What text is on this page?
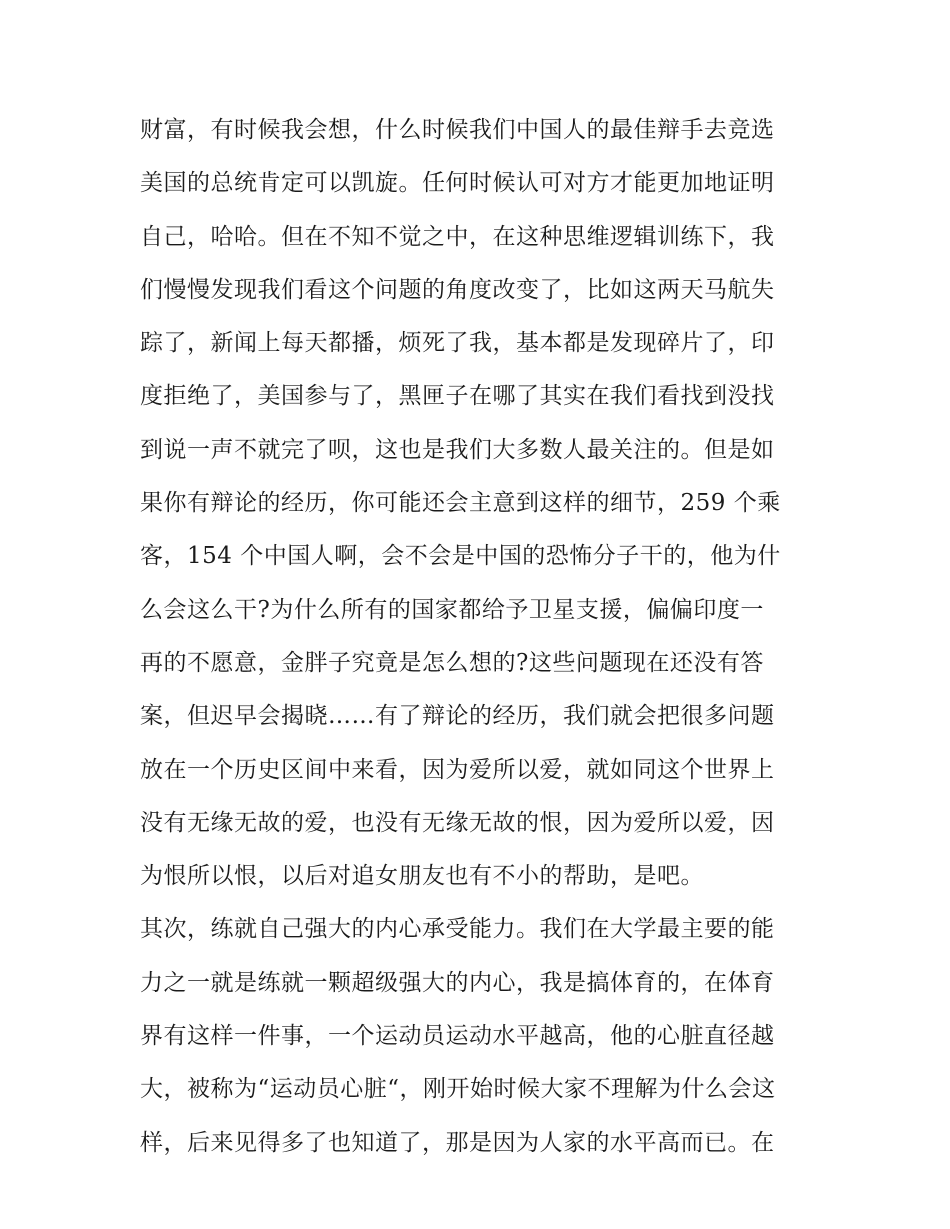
财富，有时候我会想，什么时候我们中国人的最佳辩手去竞选
美国的总统肯定可以凯旋。任何时候认可对方才能更加地证明
自己，哈哈。但在不知不觉之中，在这种思维逻辑训练下，我
们慢慢发现我们看这个问题的角度改变了，比如这两天马航失
踪了，新闻上每天都播，烦死了我，基本都是发现碎片了，印
度拒绝了，美国参与了，黑匣子在哪了其实在我们看找到没找
到说一声不就完了呗，这也是我们大多数人最关注的。但是如
果你有辩论的经历，你可能还会主意到这样的细节，259 个乘
客，154 个中国人啊，会不会是中国的恐怖分子干的，他为什
么会这么干?为什么所有的国家都给予卫星支援，偏偏印度一
再的不愿意，金胖子究竟是怎么想的?这些问题现在还没有答
案，但迟早会揭晓……有了辩论的经历，我们就会把很多问题
放在一个历史区间中来看，因为爱所以爱，就如同这个世界上
没有无缘无故的爱，也没有无缘无故的恨，因为爱所以爱，因
为恨所以恨，以后对追女朋友也有不小的帮助，是吧。
其次，练就自己强大的内心承受能力。我们在大学最主要的能
力之一就是练就一颗超级强大的内心，我是搞体育的，在体育
界有这样一件事，一个运动员运动水平越高，他的心脏直径越
大，被称为“运动员心脏“，刚开始时候大家不理解为什么会这
样，后来见得多了也知道了，那是因为人家的水平高而已。在
